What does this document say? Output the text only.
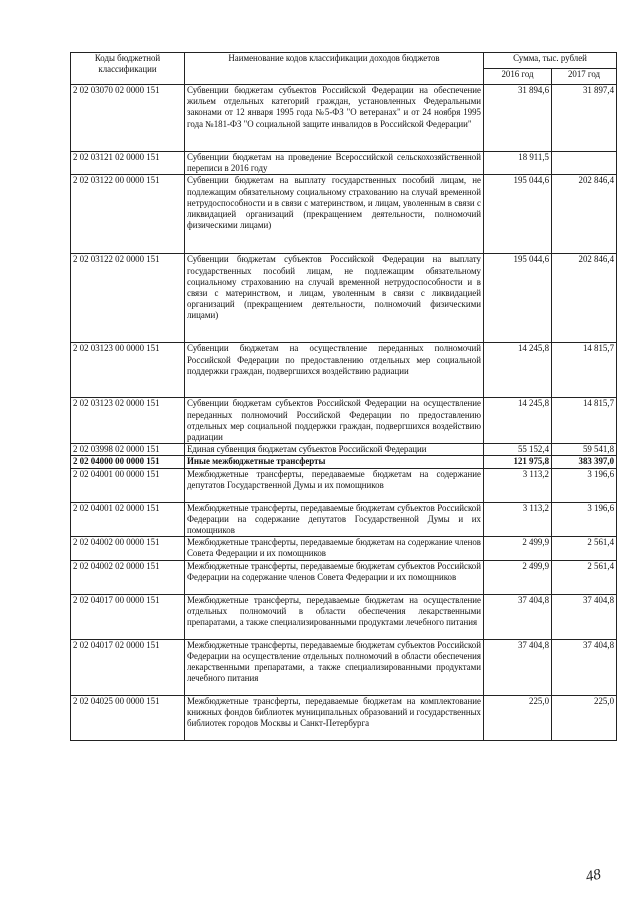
Коды бюджетной классификации	Наименование кодов классификации доходов бюджетов	Сумма, тыс. рублей	
		2016 год	2017 год
2 02 03070 02 0000 151	Субвенции бюджетам субъектов Российской Федерации на обеспечение жильем отдельных категорий граждан, установленных Федеральными законами от 12 января 1995 года №5-ФЗ "О ветеранах" и от 24 ноября 1995 года №181-ФЗ "О социальной защите инвалидов в Российской Федерации"	31 894,6	31 897,4
2 02 03121 02 0000 151	Субвенции бюджетам на проведение Всероссийской сельскохозяйственной переписи в 2016 году	18 911,5	
2 02 03122 00 0000 151	Субвенции бюджетам на выплату государственных пособий лицам, не подлежащим обязательному социальному страхованию на случай временной нетрудоспособности и в связи с материнством, и лицам, уволенным в связи с ликвидацией организаций (прекращением деятельности, полномочий физическими лицами)	195 044,6	202 846,4
2 02 03122 02 0000 151	Субвенции бюджетам субъектов Российской Федерации на выплату государственных пособий лицам, не подлежащим обязательному социальному страхованию на случай временной нетрудоспособности и в связи с материнством, и лицам, уволенным в связи с ликвидацией организаций (прекращением деятельности, полномочий физическими лицами)	195 044,6	202 846,4
2 02 03123 00 0000 151	Субвенции бюджетам на осуществление переданных полномочий Российской Федерации по предоставлению отдельных мер социальной поддержки граждан, подвергшихся воздействию радиации	14 245,8	14 815,7
2 02 03123 02 0000 151	Субвенции бюджетам субъектов Российской Федерации на осуществление переданных полномочий Российской Федерации по предоставлению отдельных мер социальной поддержки граждан, подвергшихся воздействию радиации	14 245,8	14 815,7
2 02 03998 02 0000 151	Единая субвенция бюджетам субъектов Российской Федерации	55 152,4	59 541,8
2 02 04000 00 0000 151	Иные межбюджетные трансферты	121 975,8	383 397,0
2 02 04001 00 0000 151	Межбюджетные трансферты, передаваемые бюджетам на содержание депутатов Государственной Думы и их помощников	3 113,2	3 196,6
2 02 04001 02 0000 151	Межбюджетные трансферты, передаваемые бюджетам субъектов Российской Федерации на содержание депутатов Государственной Думы и их помощников	3 113,2	3 196,6
2 02 04002 00 0000 151	Межбюджетные трансферты, передаваемые бюджетам на содержание членов Совета Федерации и их помощников	2 499,9	2 561,4
2 02 04002 02 0000 151	Межбюджетные трансферты, передаваемые бюджетам субъектов Российской Федерации на содержание членов Совета Федерации и их помощников	2 499,9	2 561,4
2 02 04017 00 0000 151	Межбюджетные трансферты, передаваемые бюджетам на осуществление отдельных полномочий в области обеспечения лекарственными препаратами, а также специализированными продуктами лечебного питания	37 404,8	37 404,8
2 02 04017 02 0000 151	Межбюджетные трансферты, передаваемые бюджетам субъектов Российской Федерации на осуществление отдельных полномочий в области обеспечения лекарственными препаратами, а также специализированными продуктами лечебного питания	37 404,8	37 404,8
2 02 04025 00 0000 151	Межбюджетные трансферты, передаваемые бюджетам на комплектование книжных фондов библиотек муниципальных образований и государственных библиотек городов Москвы и Санкт-Петербурга	225,0	225,0
48
